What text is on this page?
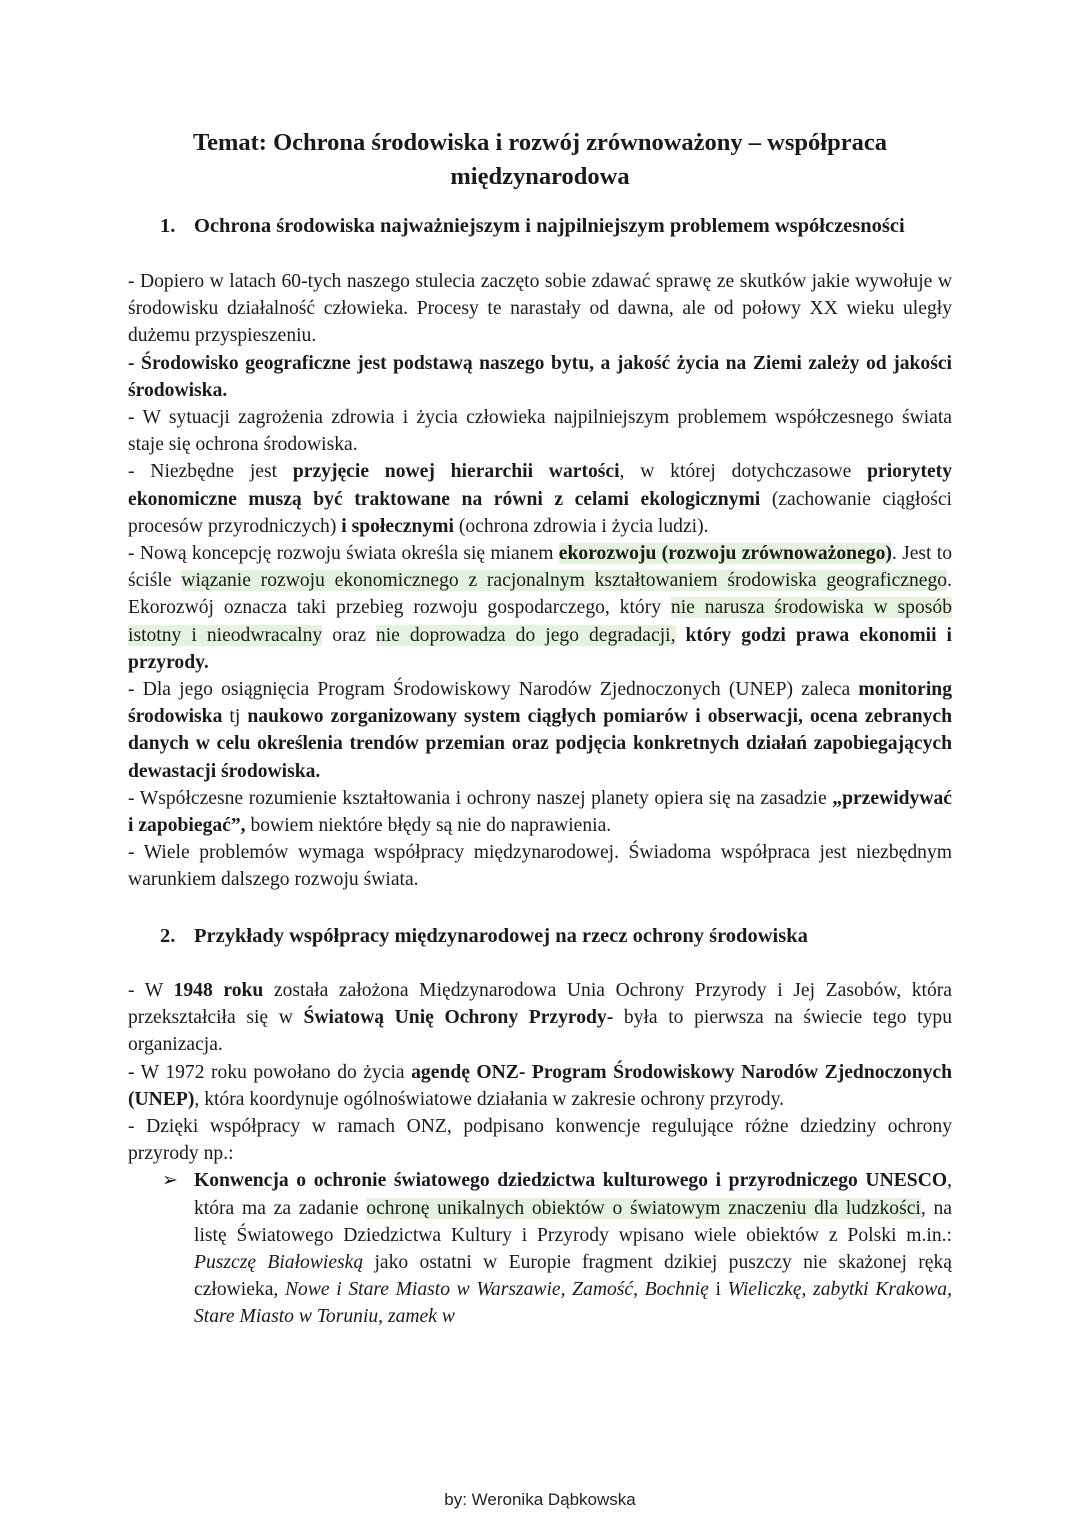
Temat: Ochrona środowiska i rozwój zrównoważony – współpraca międzynarodowa
1. Ochrona środowiska najważniejszym i najpilniejszym problemem współczesności

- Dopiero w latach 60-tych naszego stulecia zaczęto sobie zdawać sprawę ze skutków jakie wywołuje w środowisku działalność człowieka. Procesy te narastały od dawna, ale od połowy XX wieku uległy dużemu przyspieszeniu.

- Środowisko geograficzne jest podstawą naszego bytu, a jakość życia na Ziemi zależy od jakości środowiska.

- W sytuacji zagrożenia zdrowia i życia człowieka najpilniejszym problemem współczesnego świata staje się ochrona środowiska.

- Niezbędne jest przyjęcie nowej hierarchii wartości, w której dotychczasowe priorytety ekonomiczne muszą być traktowane na równi z celami ekologicznymi (zachowanie ciągłości procesów przyrodniczych) i społecznymi (ochrona zdrowia i życia ludzi).

- Nową koncepcję rozwoju świata określa się mianem ekorozwoju (rozwoju zrównoważonego). Jest to ściśle wiązanie rozwoju ekonomicznego z racjonalnym kształtowaniem środowiska geograficznego. Ekorozwój oznacza taki przebieg rozwoju gospodarczego, który nie narusza środowiska w sposób istotny i nieodwracalny oraz nie doprowadza do jego degradacji, który godzi prawa ekonomii i przyrody.

- Dla jego osiągnięcia Program Środowiskowy Narodów Zjednoczonych (UNEP) zaleca monitoring środowiska tj naukowo zorganizowany system ciągłych pomiarów i obserwacji, ocena zebranych danych w celu określenia trendów przemian oraz podjęcia konkretnych działań zapobiegających dewastacji środowiska.

- Współczesne rozumienie kształtowania i ochrony naszej planety opiera się na zasadzie „przewidywać i zapobiegać”, bowiem niektóre błędy są nie do naprawienia.

- Wiele problemów wymaga współpracy międzynarodowej. Świadoma współpraca jest niezbędnym warunkiem dalszego rozwoju świata.

2. Przykłady współpracy międzynarodowej na rzecz ochrony środowiska

- W 1948 roku została założona Międzynarodowa Unia Ochrony Przyrody i Jej Zasobów, która przekształciła się w Światową Unię Ochrony Przyrody- była to pierwsza na świecie tego typu organizacja.

- W 1972 roku powołano do życia agendę ONZ- Program Środowiskowy Narodów Zjednoczonych (UNEP), która koordynuje ogólnoświatowe działania w zakresie ochrony przyrody.

- Dzięki współpracy w ramach ONZ, podpisano konwencje regulujące różne dziedziny ochrony przyrody np.:

➢ Konwencja o ochronie światowego dziedzictwa kulturowego i przyrodniczego UNESCO, która ma za zadanie ochronę unikalnych obiektów o światowym znaczeniu dla ludzkości, na listę Światowego Dziedzictwa Kultury i Przyrody wpisano wiele obiektów z Polski m.in.: Puszczę Białowieską jako ostatni w Europie fragment dzikiej puszczy nie skażonej ręką człowieka, Nowe i Stare Miasto w Warszawie, Zamość, Bochnię i Wieliczkę, zabytki Krakowa, Stare Miasto w Toruniu, zamek w
by: Weronika Dąbkowska
